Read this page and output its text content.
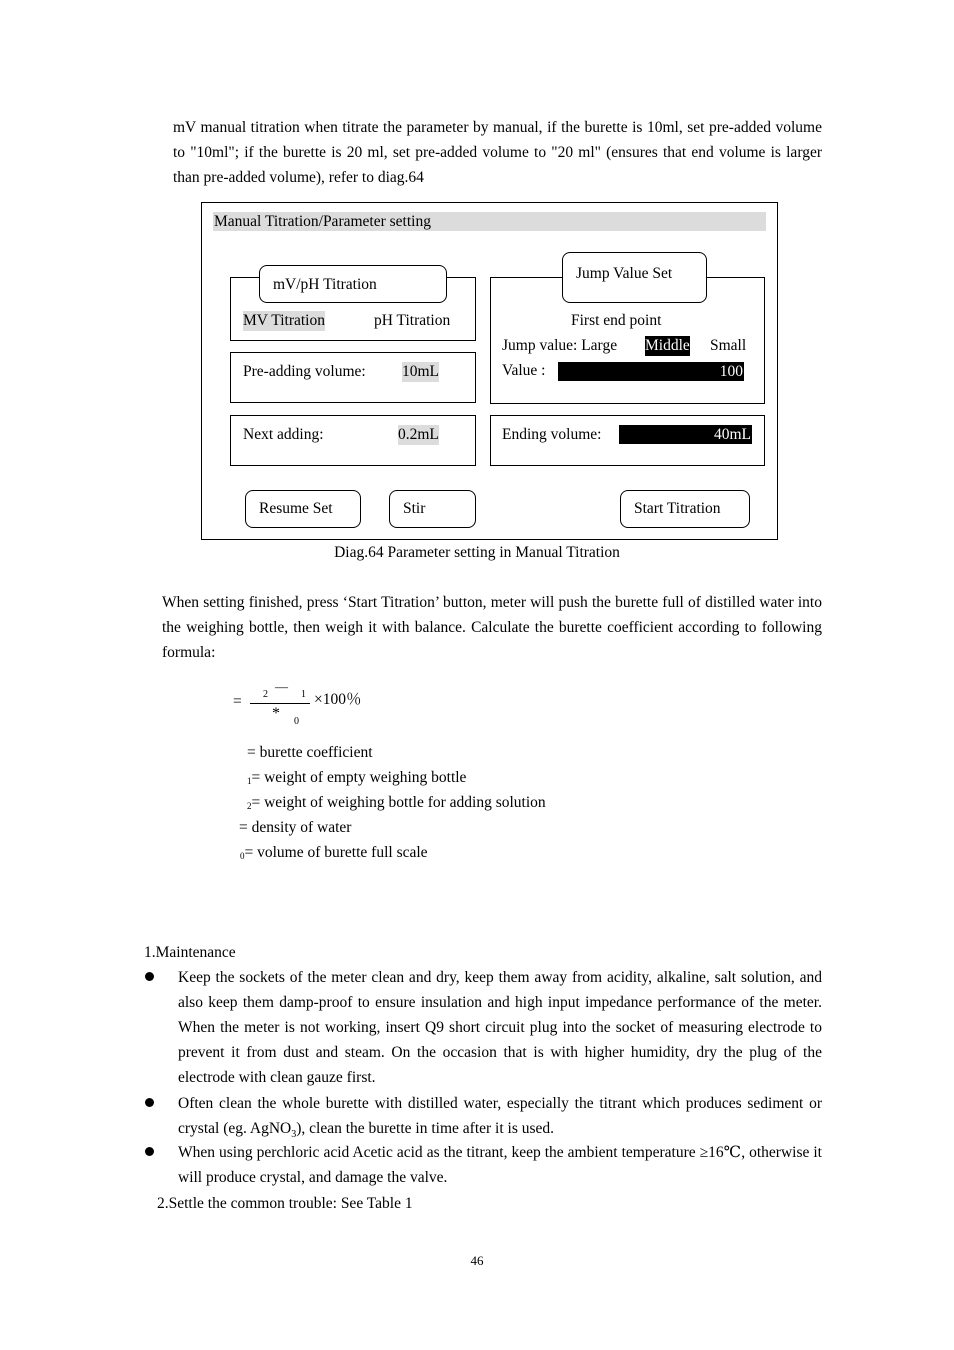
mV manual titration when titrate the parameter by manual, if the burette is 10ml, set pre-added volume to "10ml"; if the burette is 20 ml, set pre-added volume to "20 ml" (ensures that end volume is larger than pre-added volume), refer to diag.64
Manual Titration/Parameter setting
mV/pH Titration
MV Titration	pH Titration
Pre-adding volume: 10mL
Next adding:	0.2mL
Jump Value Set
First end point
Jump value: Large Middle Small
Value :	100
Ending volume:	40mL
Resume Set	Stir	Start Titration
Diag.64 Parameter setting in Manual Titration
When setting finished, press ‘Start Titration’ button, meter will push the burette full of distilled water into the weighing bottle, then weigh it with balance. Calculate the burette coefficient according to following formula:
= 2
—
1 ×100％
* 0
= burette coefficient
$_1$= weight of empty weighing bottle
$_2$= weight of weighing bottle for adding solution
= density of water
$_0$= volume of burette full scale
1.Maintenance
Keep the sockets of the meter clean and dry, keep them away from acidity, alkaline, salt solution, and also keep them damp-proof to ensure insulation and high input impedance performance of the meter. When the meter is not working, insert Q9 short circuit plug into the socket of measuring electrode to prevent it from dust and steam. On the occasion that is with higher humidity, dry the plug of the electrode with clean gauze first.
Often clean the whole burette with distilled water, especially the titrant which produces sediment or crystal (eg. AgNO$_3$), clean the burette in time after it is used.
When using perchloric acid Acetic acid as the titrant, keep the ambient temperature ≥16℃, otherwise it will produce crystal, and damage the valve.
2.Settle the common trouble: See Table 1
46
